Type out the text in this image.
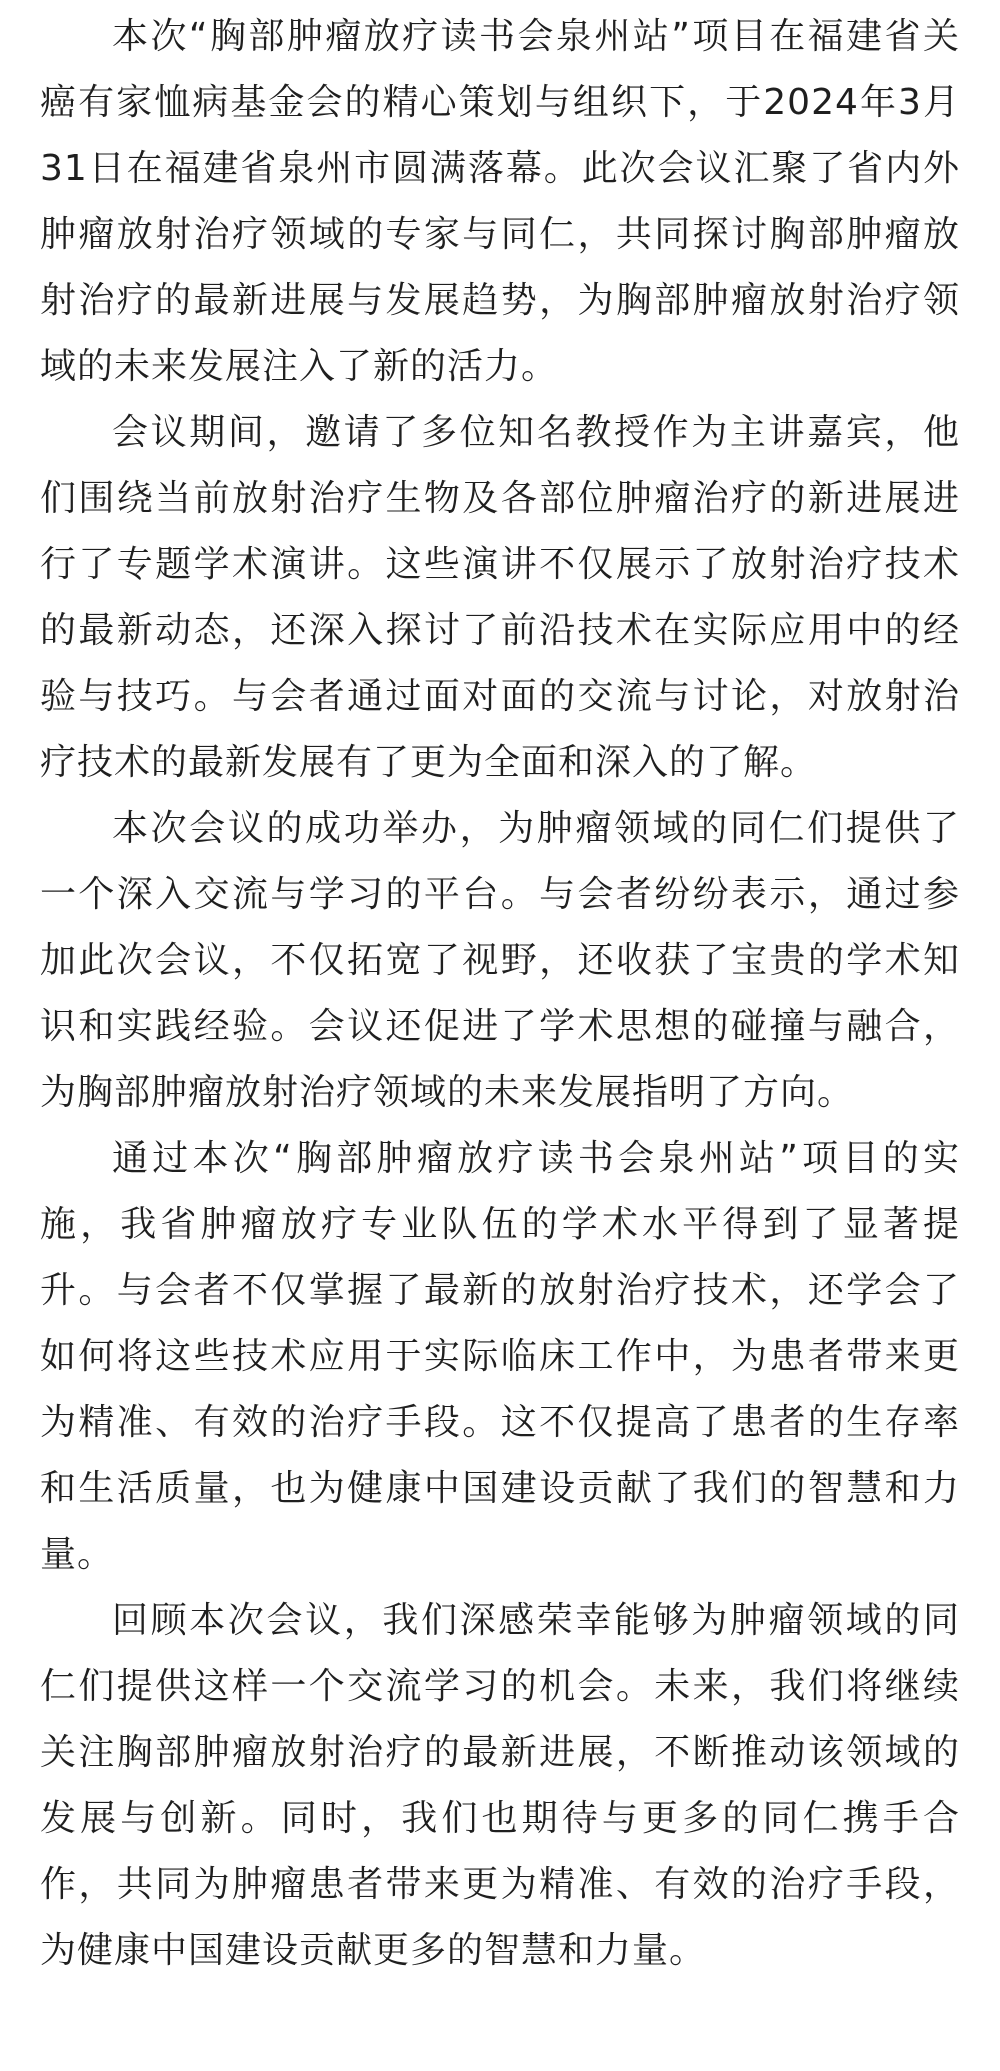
本次“胸部肿瘤放疗读书会泉州站”项目在福建省关癌有家恤病基金会的精心策划与组织下，于2024年3月31日在福建省泉州市圆满落幕。此次会议汇聚了省内外肿瘤放射治疗领域的专家与同仁，共同探讨胸部肿瘤放射治疗的最新进展与发展趋势，为胸部肿瘤放射治疗领域的未来发展注入了新的活力。

会议期间，邀请了多位知名教授作为主讲嘉宾，他们围绕当前放射治疗生物及各部位肿瘤治疗的新进展进行了专题学术演讲。这些演讲不仅展示了放射治疗技术的最新动态，还深入探讨了前沿技术在实际应用中的经验与技巧。与会者通过面对面的交流与讨论，对放射治疗技术的最新发展有了更为全面和深入的了解。

本次会议的成功举办，为肿瘤领域的同仁们提供了一个深入交流与学习的平台。与会者纷纷表示，通过参加此次会议，不仅拓宽了视野，还收获了宝贵的学术知识和实践经验。会议还促进了学术思想的碰撞与融合，为胸部肿瘤放射治疗领域的未来发展指明了方向。

通过本次“胸部肿瘤放疗读书会泉州站”项目的实施，我省肿瘤放疗专业队伍的学术水平得到了显著提升。与会者不仅掌握了最新的放射治疗技术，还学会了如何将这些技术应用于实际临床工作中，为患者带来更为精准、有效的治疗手段。这不仅提高了患者的生存率和生活质量，也为健康中国建设贡献了我们的智慧和力量。

回顾本次会议，我们深感荣幸能够为肿瘤领域的同仁们提供这样一个交流学习的机会。未来，我们将继续关注胸部肿瘤放射治疗的最新进展，不断推动该领域的发展与创新。同时，我们也期待与更多的同仁携手合作，共同为肿瘤患者带来更为精准、有效的治疗手段，为健康中国建设贡献更多的智慧和力量。
